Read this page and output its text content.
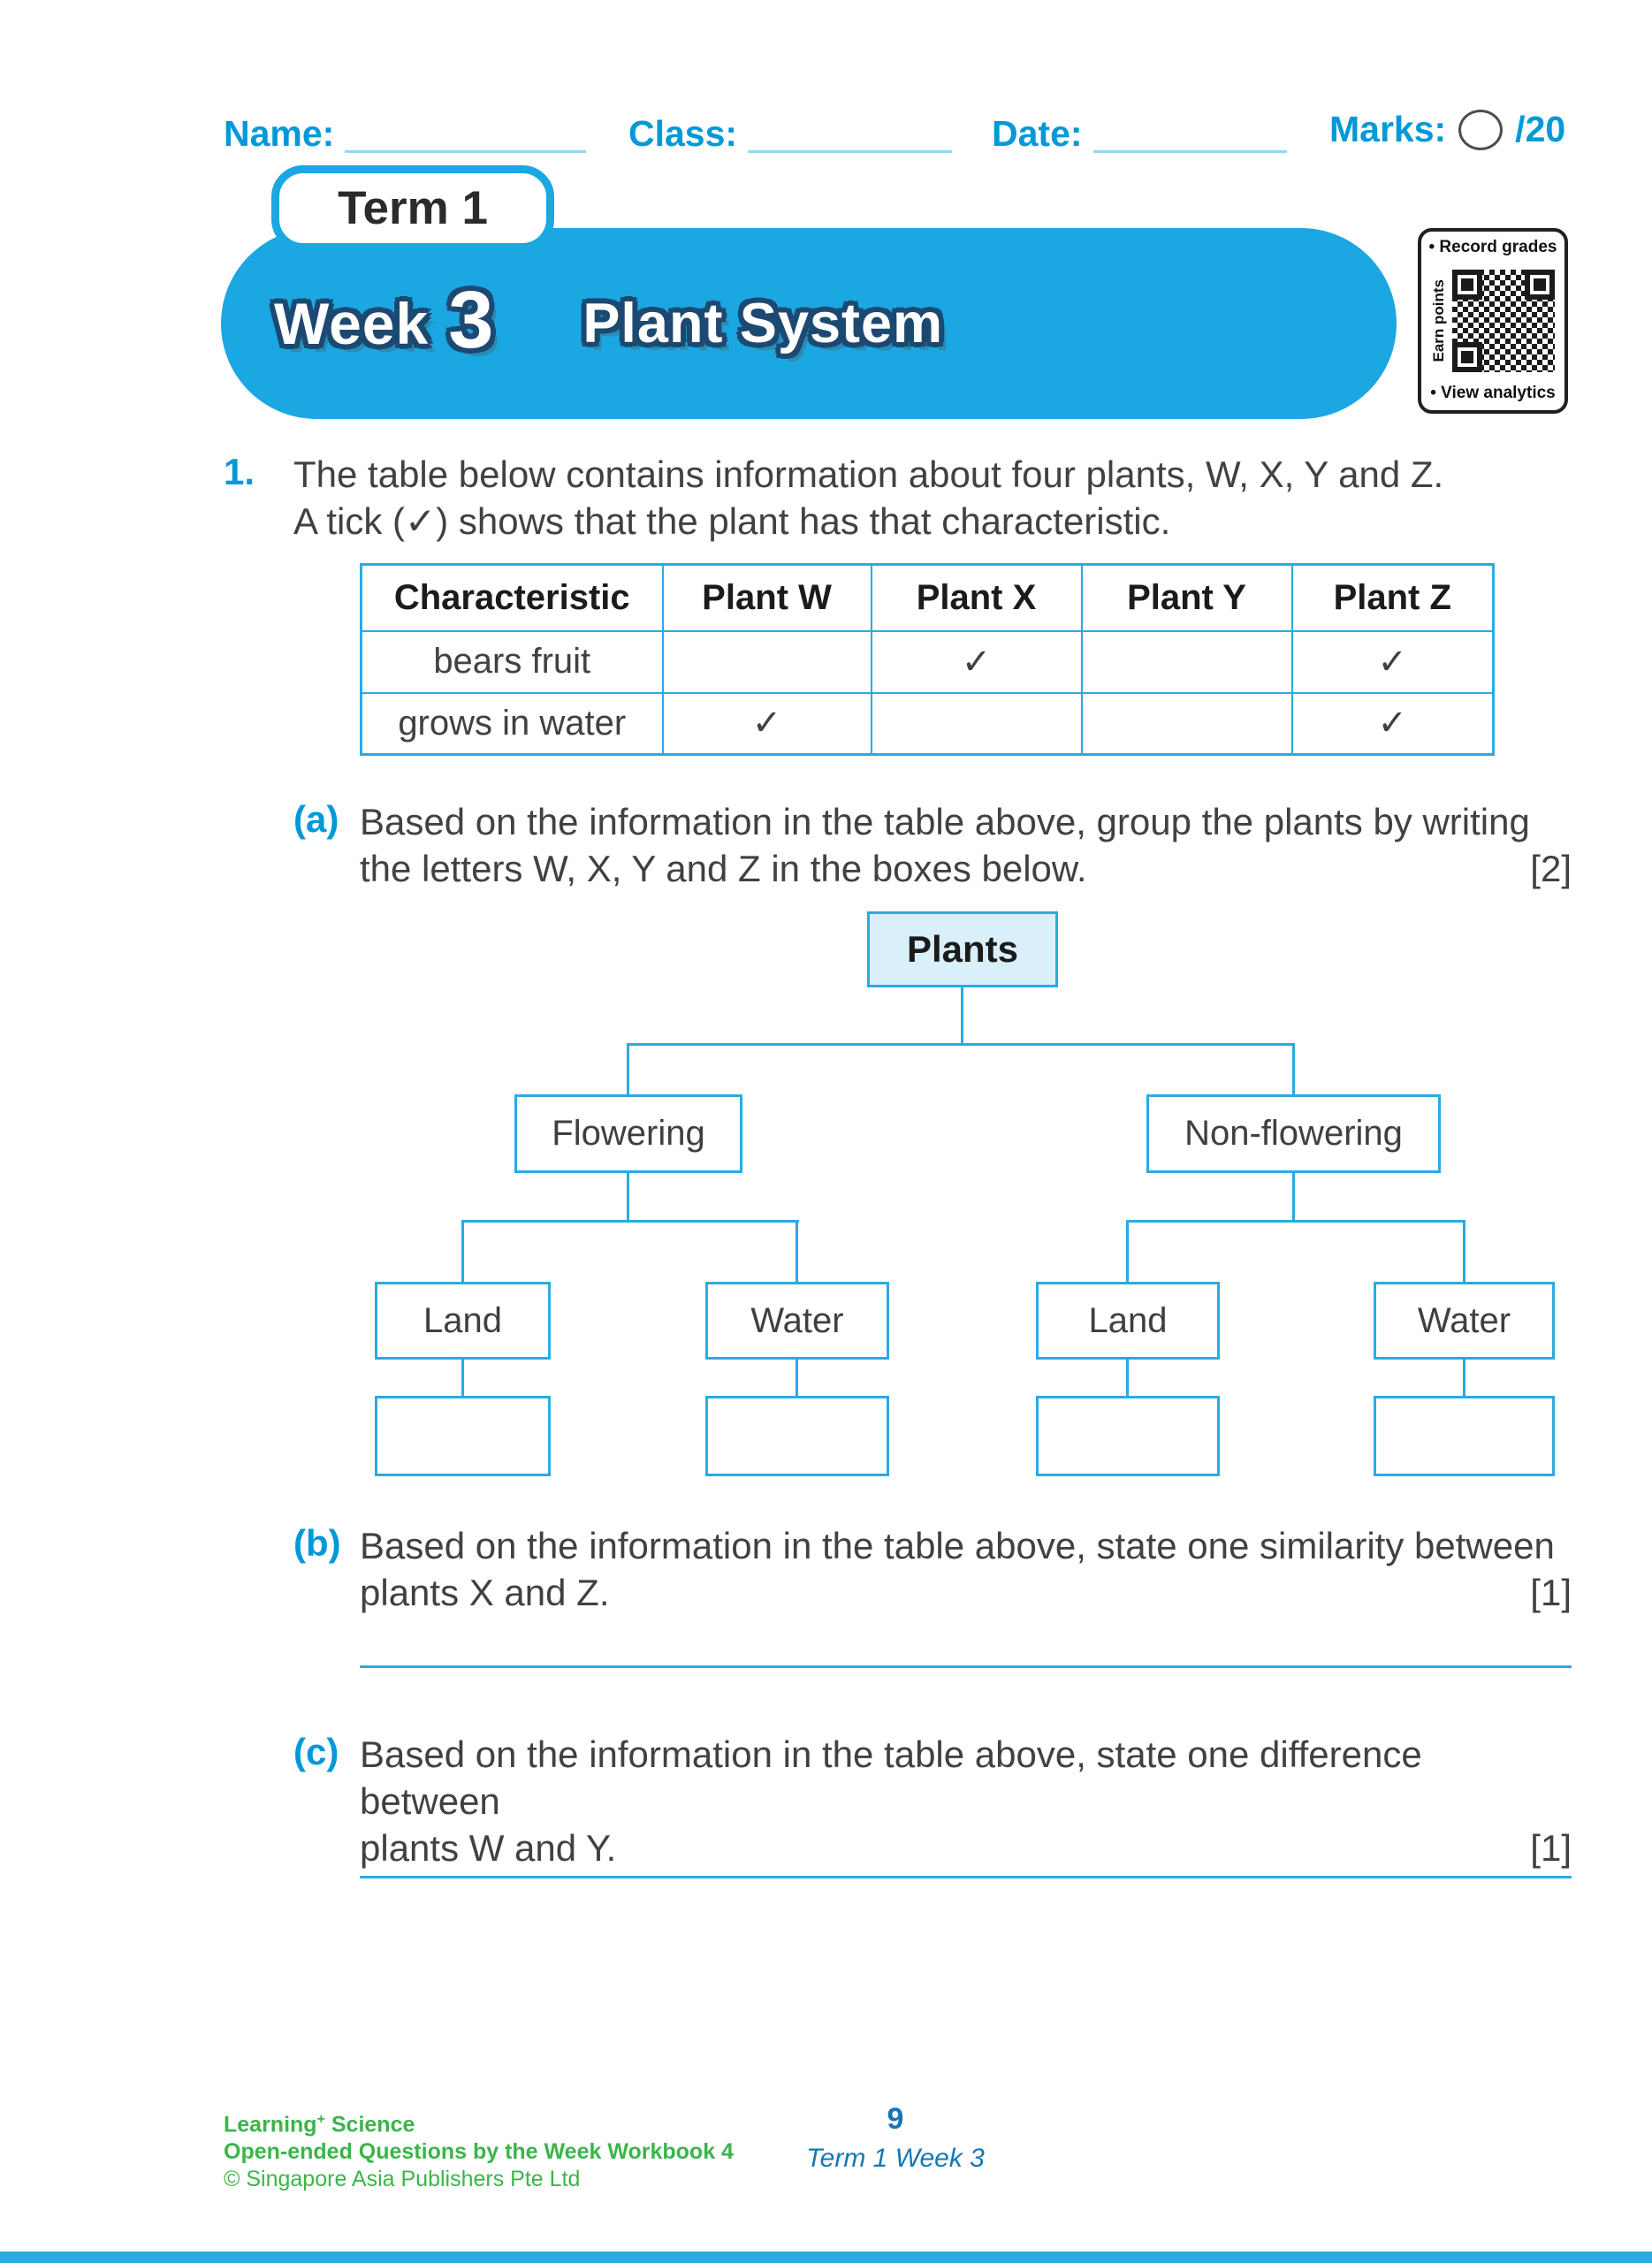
Name:	Class:	Date:	Marks: /20
Week 3 Plant System
Term 1
• Record grades
Earn points
• View analytics
1. The table below contains information about four plants, W, X, Y and Z.
A tick (✓) shows that the plant has that characteristic.
Characteristic	Plant W	Plant X	Plant Y	Plant Z
bears fruit		✓		✓
grows in water	✓			✓
(a) Based on the information in the table above, group the plants by writing
the letters W, X, Y and Z in the boxes below.	[2]
Plants
Flowering	Non-flowering
Land	Water	Land	Water
(b) Based on the information in the table above, state one similarity between
plants X and Z.	[1]
(c) Based on the information in the table above, state one difference between
plants W and Y.	[1]
Learning+ Science
Open-ended Questions by the Week Workbook 4
© Singapore Asia Publishers Pte Ltd
9
Term 1 Week 3
